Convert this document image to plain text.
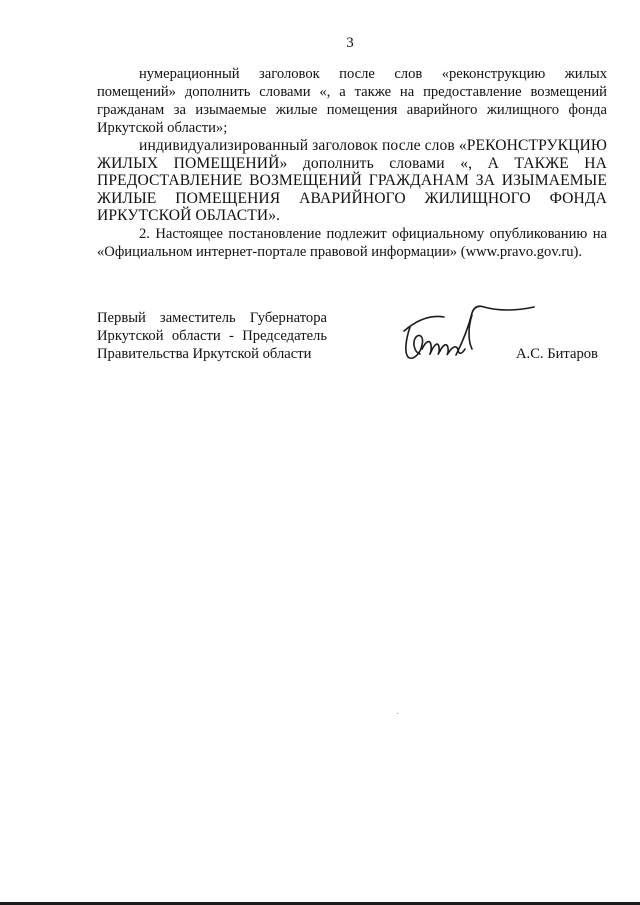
3

нумерационный заголовок после слов «реконструкцию жилых помещений» дополнить словами «, а также на предоставление возмещений гражданам за изымаемые жилые помещения аварийного жилищного фонда Иркутской области»;

индивидуализированный заголовок после слов «РЕКОНСТРУКЦИЮ ЖИЛЫХ ПОМЕЩЕНИЙ» дополнить словами «, А ТАКЖЕ НА ПРЕДОСТАВЛЕНИЕ ВОЗМЕЩЕНИЙ ГРАЖДАНАМ ЗА ИЗЫМАЕМЫЕ ЖИЛЫЕ ПОМЕЩЕНИЯ АВАРИЙНОГО ЖИЛИЩНОГО ФОНДА ИРКУТСКОЙ ОБЛАСТИ».

2. Настоящее постановление подлежит официальному опубликованию на «Официальном интернет-портале правовой информации» (www.pravo.gov.ru).

Первый заместитель Губернатора
Иркутской области - Председатель
Правительства Иркутской области	А.С. Битаров
